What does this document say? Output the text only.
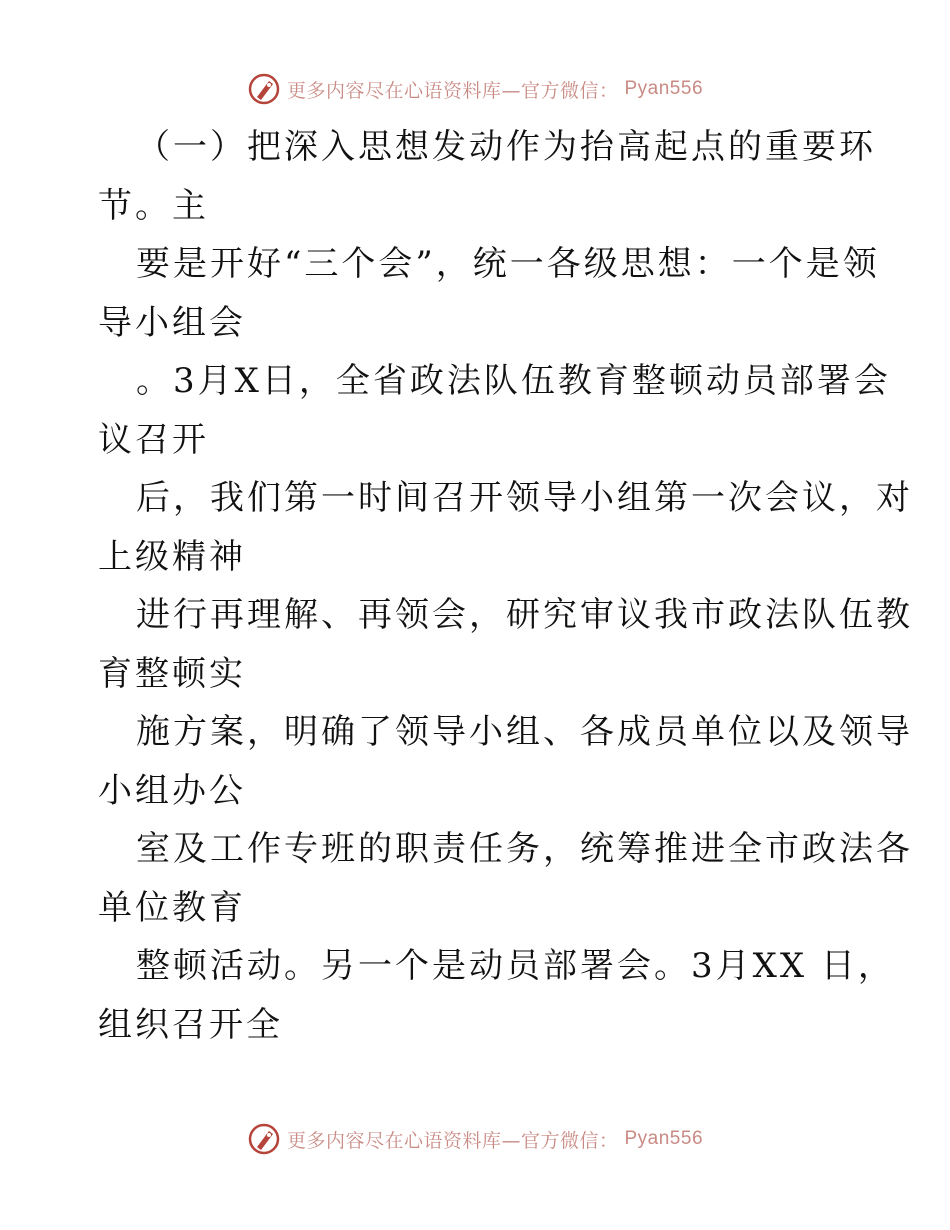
更多内容尽在心语资料库—官方微信： Pyan556
（一）把深入思想发动作为抬高起点的重要环
节。主
要是开好“三个会”，统一各级思想：一个是领
导小组会
。3月X日，全省政法队伍教育整顿动员部署会
议召开
后，我们第一时间召开领导小组第一次会议，对
上级精神
进行再理解、再领会，研究审议我市政法队伍教
育整顿实
施方案，明确了领导小组、各成员单位以及领导
小组办公
室及工作专班的职责任务，统筹推进全市政法各
单位教育
整顿活动。另一个是动员部署会。3月XX 日，
组织召开全
更多内容尽在心语资料库—官方微信： Pyan556
